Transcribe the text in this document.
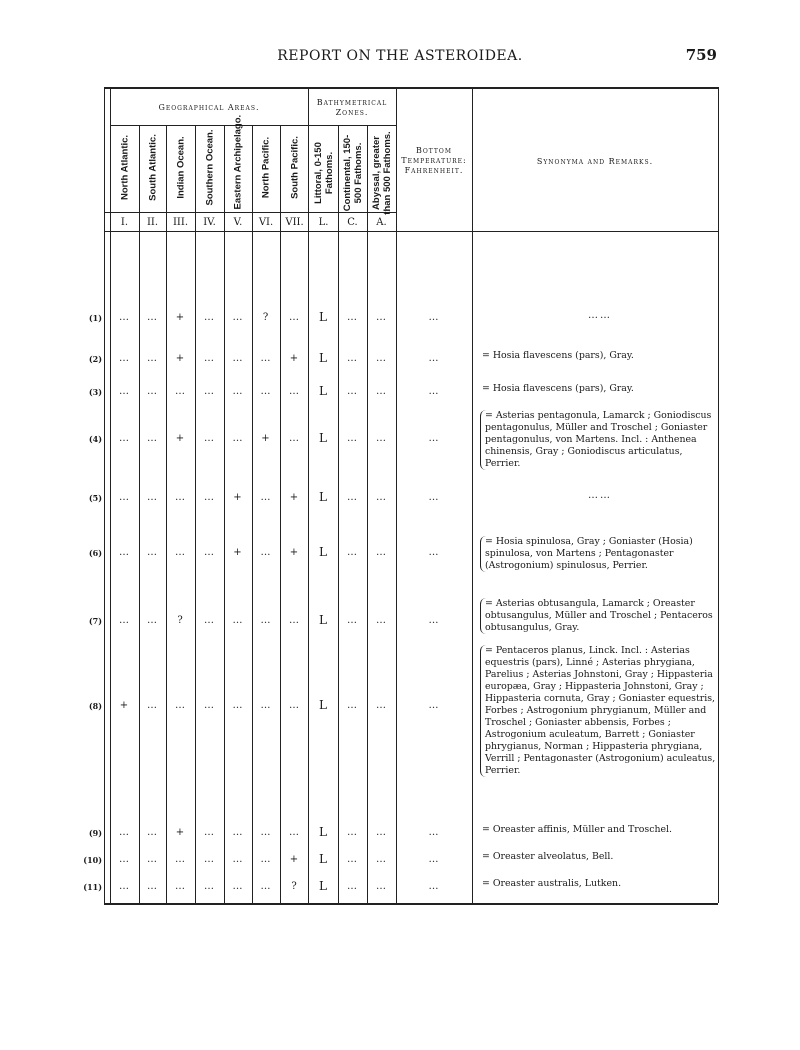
REPORT ON THE ASTEROIDEA.	759
Geographical Areas.
Bathymetrical Zones.
Bottom Temperature: Fahrenheit.
Synonyma and Remarks.
North Atlantic.
I.
South Atlantic.
II.
Indian Ocean.
III.
Southern Ocean.
IV.
Eastern Archipelago.
V.
North Pacific.
VI.
South Pacific.
VII.
Littoral, 0-150 Fathoms.
L.
Continental, 150-500 Fathoms.
C.
Abyssal, greater than 500 Fathoms.
A.
(1)	…	…	+	…	…	?	…	L	…	…	…	……
(2)	…	…	+	…	…	…	+	L	…	…	…	= Hosia flavescens (pars), Gray.
(3)	…	…	…	…	…	…	…	L	…	…	…	= Hosia flavescens (pars), Gray.
(4)	…	…	+	…	…	+	…	L	…	…	…
= Asterias pentagonula, Lamarck ; Goniodiscus pentagonulus, Müller and Troschel ; Goniaster pentagonulus, von Martens. Incl. : Anthenea chinensis, Gray ; Goniodiscus articulatus, Perrier.
(5)	…	…	…	…	+	…	+	L	…	…	…	……
(6)	…	…	…	…	+	…	+	L	…	…	…
= Hosia spinulosa, Gray ; Goniaster (Hosia) spinulosa, von Martens ; Pentagonaster (Astrogonium) spinulosus, Perrier.
(7)	…	…	?	…	…	…	…	L	…	…	…
= Asterias obtusangula, Lamarck ; Oreaster obtusangulus, Müller and Troschel ; Pentaceros obtusangulus, Gray.
(8)	+	…	…	…	…	…	…	L	…	…	…
= Pentaceros planus, Linck. Incl. : Asterias equestris (pars), Linné ; Asterias phrygiana, Parelius ; Asterias Johnstoni, Gray ; Hippasteria europæa, Gray ; Hippasteria Johnstoni, Gray ; Hippasteria cornuta, Gray ; Goniaster equestris, Forbes ; Astrogonium phrygianum, Müller and Troschel ; Goniaster abbensis, Forbes ; Astrogonium aculeatum, Barrett ; Goniaster phrygianus, Norman ; Hippasteria phrygiana, Verrill ; Pentagonaster (Astrogonium) aculeatus, Perrier.
(9)	…	…	+	…	…	…	…	L	…	…	…	= Oreaster affinis, Müller and Troschel.
(10)	…	…	…	…	…	…	+	L	…	…	…	= Oreaster alveolatus, Bell.
(11)	…	…	…	…	…	…	?	L	…	…	…	= Oreaster australis, Lutken.
